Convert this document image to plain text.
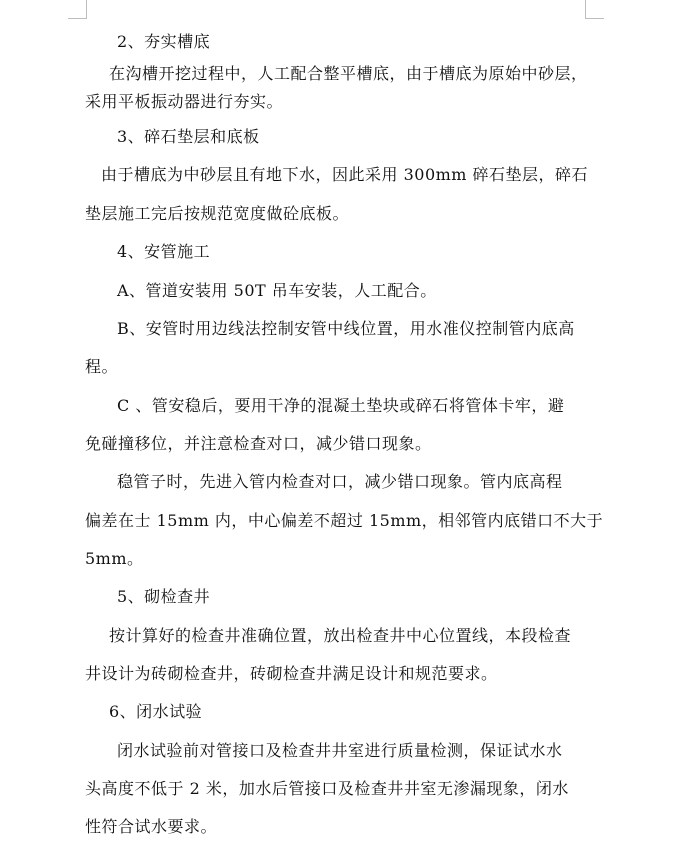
2、夯实槽底
在沟槽开挖过程中，人工配合整平槽底，由于槽底为原始中砂层，
采用平板振动器进行夯实。
3、碎石垫层和底板
由于槽底为中砂层且有地下水，因此采用 300mm 碎石垫层，碎石
垫层施工完后按规范宽度做砼底板。
4、安管施工
A、管道安装用 50T 吊车安装，人工配合。
B、安管时用边线法控制安管中线位置，用水准仪控制管内底高
程。
C 、管安稳后，要用干净的混凝土垫块或碎石将管体卡牢，避
免碰撞移位，并注意检查对口，减少错口现象。
稳管子时，先进入管内检查对口，减少错口现象。管内底高程
偏差在士 15mm 内，中心偏差不超过 15mm，相邻管内底错口不大于
5mm。
5、砌检查井
按计算好的检查井准确位置，放出检查井中心位置线，本段检查
井设计为砖砌检查井，砖砌检查井满足设计和规范要求。
6、闭水试验
闭水试验前对管接口及检查井井室进行质量检测，保证试水水
头高度不低于 2 米，加水后管接口及检查井井室无渗漏现象，闭水
性符合试水要求。
